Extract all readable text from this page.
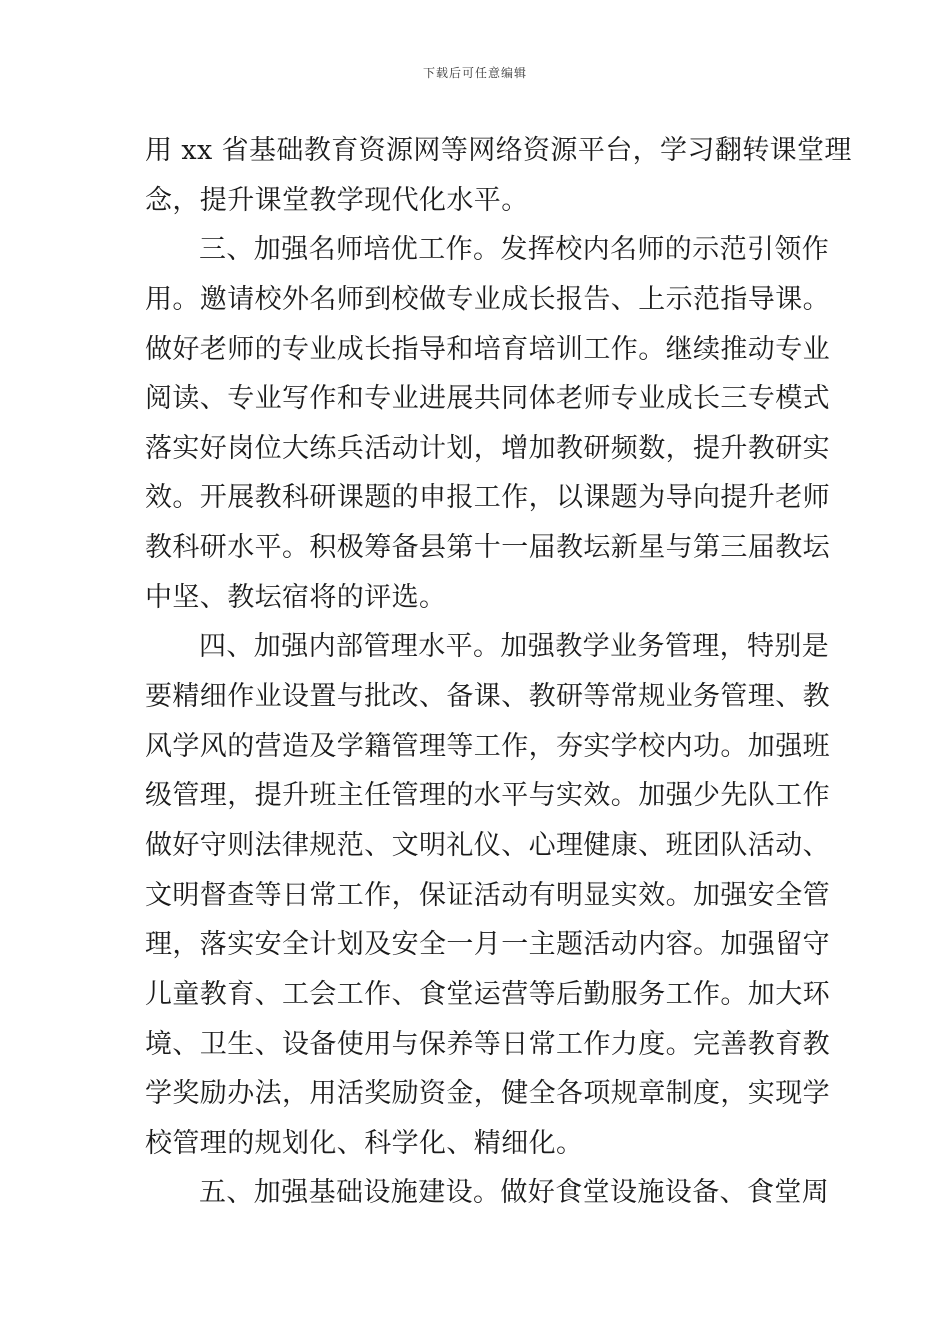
下载后可任意编辑
用 xx 省基础教育资源网等网络资源平台，学习翻转课堂理
念，提升课堂教学现代化水平。
三、加强名师培优工作。发挥校内名师的示范引领作
用。邀请校外名师到校做专业成长报告、上示范指导课。
做好老师的专业成长指导和培育培训工作。继续推动专业
阅读、专业写作和专业进展共同体老师专业成长三专模式
落实好岗位大练兵活动计划，增加教研频数，提升教研实
效。开展教科研课题的申报工作，以课题为导向提升老师
教科研水平。积极筹备县第十一届教坛新星与第三届教坛
中坚、教坛宿将的评选。
四、加强内部管理水平。加强教学业务管理，特别是
要精细作业设置与批改、备课、教研等常规业务管理、教
风学风的营造及学籍管理等工作，夯实学校内功。加强班
级管理，提升班主任管理的水平与实效。加强少先队工作
做好守则法律规范、文明礼仪、心理健康、班团队活动、
文明督查等日常工作，保证活动有明显实效。加强安全管
理，落实安全计划及安全一月一主题活动内容。加强留守
儿童教育、工会工作、食堂运营等后勤服务工作。加大环
境、卫生、设备使用与保养等日常工作力度。完善教育教
学奖励办法，用活奖励资金，健全各项规章制度，实现学
校管理的规划化、科学化、精细化。
五、加强基础设施建设。做好食堂设施设备、食堂周
